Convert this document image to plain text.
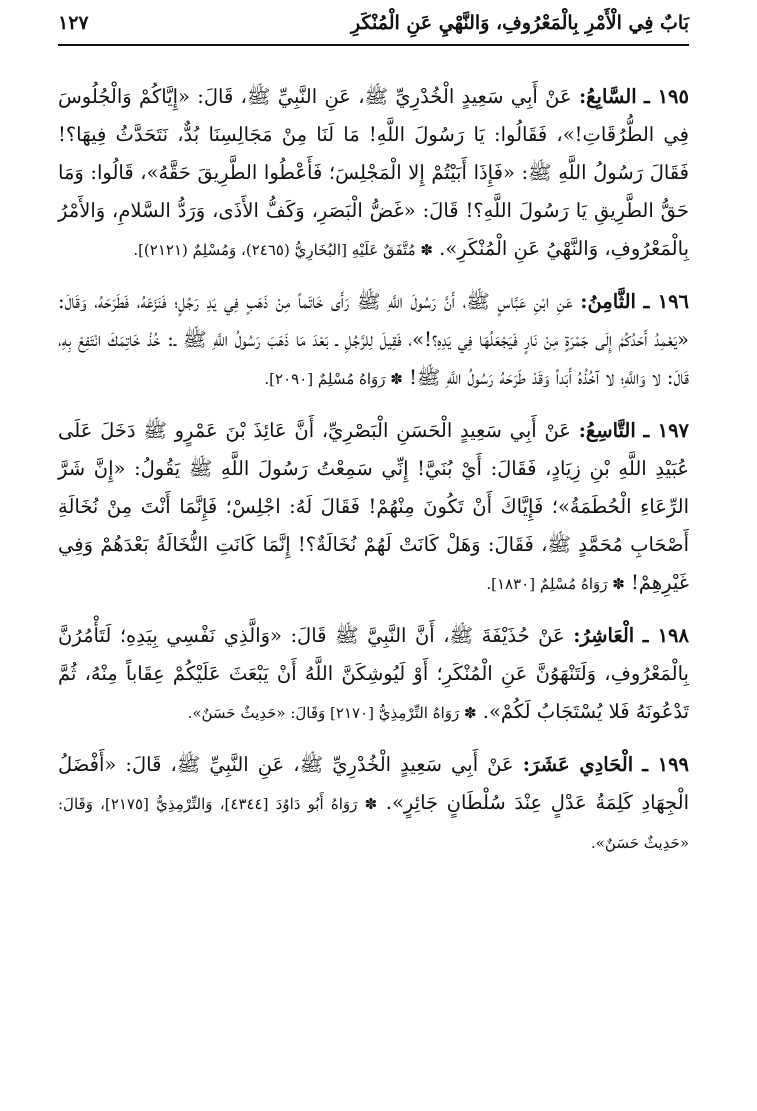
بَابٌ فِي الْأَمْرِ بِالْمَعْرُوفِ، وَالنَّهْيِ عَنِ الْمُنْكَرِ
١٢٧

١٩٥ ـ السَّابِعُ: عَنْ أَبِي سَعِيدٍ الْخُدْرِيِّ ﷺ، عَنِ النَّبِيِّ ﷺ، قَالَ: «إِيَّاكُمْ وَالْجُلُوسَ فِي الطُّرُقَاتِ!»، فَقَالُوا: يَا رَسُولَ اللَّهِ! مَا لَنَا مِنْ مَجَالِسِنَا بُدٌّ، نَتَحَدَّثُ فِيهَا؟! فَقَالَ رَسُولُ اللَّهِ ﷺ: «فَإِذَا أَبَيْتُمْ إِلا الْمَجْلِسَ؛ فَأَعْطُوا الطَّرِيقَ حَقَّهُ»، قَالُوا: وَمَا حَقُّ الطَّرِيقِ يَا رَسُولَ اللَّهِ؟! قَالَ: «غَضُّ الْبَصَرِ، وَكَفُّ الأَذَى، وَرَدُّ السَّلامِ، وَالأَمْرُ بِالْمَعْرُوفِ، وَالنَّهْيُ عَنِ الْمُنْكَرِ». ✽ مُتَّفَقٌ عَلَيْهِ [البُخَارِيُّ (٢٤٦٥)، وَمُسْلِمٌ (٢١٢١)].

١٩٦ ـ الثَّامِنُ: عَنِ ابْنِ عَبَّاسٍ ﷺ، أَنَّ رَسُولَ اللَّهِ ﷺ رَأَى خَاتَماً مِنْ ذَهَبٍ فِي يَدِ رَجُلٍ؛ فَنَزَعَهُ، فَطَرَحَهُ، وَقَالَ: «يَعْمِدُ أَحَدُكُمْ إِلَى جَمْرَةٍ مِنْ نَارٍ فَيَجْعَلُهَا فِي يَدِهِ؟!»، فَقِيلَ لِلرَّجُلِ ـ بَعْدَ مَا ذَهَبَ رَسُولُ اللَّهِ ﷺ ـ: خُذْ خَاتِمَكَ انْتَفِعْ بِهِ، قَالَ: لا وَاللَّهِ؛ لا آخُذُهُ أَبَداً وَقَدْ طَرَحَهُ رَسُولُ اللَّهِ ﷺ! ✽ رَوَاهُ مُسْلِمٌ [٢٠٩٠].

١٩٧ ـ التَّاسِعُ: عَنْ أَبِي سَعِيدٍ الْحَسَنِ الْبَصْرِيِّ، أَنَّ عَائِذَ بْنَ عَمْرٍو ﷺ دَخَلَ عَلَى عُبَيْدِ اللَّهِ بْنِ زِيَادٍ، فَقَالَ: أَيْ بُنَيَّ! إِنِّي سَمِعْتُ رَسُولَ اللَّهِ ﷺ يَقُولُ: «إِنَّ شَرَّ الرِّعَاءِ الْحُطَمَةُ»؛ فَإِيَّاكَ أَنْ تَكُونَ مِنْهُمْ! فَقَالَ لَهُ: اجْلِسْ؛ فَإِنَّمَا أَنْتَ مِنْ نُخَالَةِ أَصْحَابِ مُحَمَّدٍ ﷺ، فَقَالَ: وَهَلْ كَانَتْ لَهُمْ نُخَالَةٌ؟! إِنَّمَا كَانَتِ النُّخَالَةُ بَعْدَهُمْ وَفِي غَيْرِهِمْ! ✽ رَوَاهُ مُسْلِمٌ [١٨٣٠].

١٩٨ ـ الْعَاشِرُ: عَنْ حُذَيْفَةَ ﷺ، أَنَّ النَّبِيَّ ﷺ قَالَ: «وَالَّذِي نَفْسِي بِيَدِهِ؛ لَتَأْمُرُنَّ بِالْمَعْرُوفِ، وَلَتَنْهَوُنَّ عَنِ الْمُنْكَرِ؛ أَوْ لَيُوشِكَنَّ اللَّهُ أَنْ يَبْعَثَ عَلَيْكُمْ عِقَاباً مِنْهُ، ثُمَّ تَدْعُونَهُ فَلا يُسْتَجَابُ لَكُمْ». ✽ رَوَاهُ التِّرْمِذِيُّ [٢١٧٠] وَقَالَ: «حَدِيثٌ حَسَنٌ».

١٩٩ ـ الْحَادِي عَشَرَ: عَنْ أَبِي سَعِيدٍ الْخُدْرِيِّ ﷺ، عَنِ النَّبِيِّ ﷺ، قَالَ: «أَفْضَلُ الْجِهَادِ كَلِمَةُ عَدْلٍ عِنْدَ سُلْطَانٍ جَائِرٍ». ✽ رَوَاهُ أَبُو دَاوُدَ [٤٣٤٤]، وَالتِّرْمِذِيُّ [٢١٧٥]، وَقَالَ: «حَدِيثٌ حَسَنٌ».
